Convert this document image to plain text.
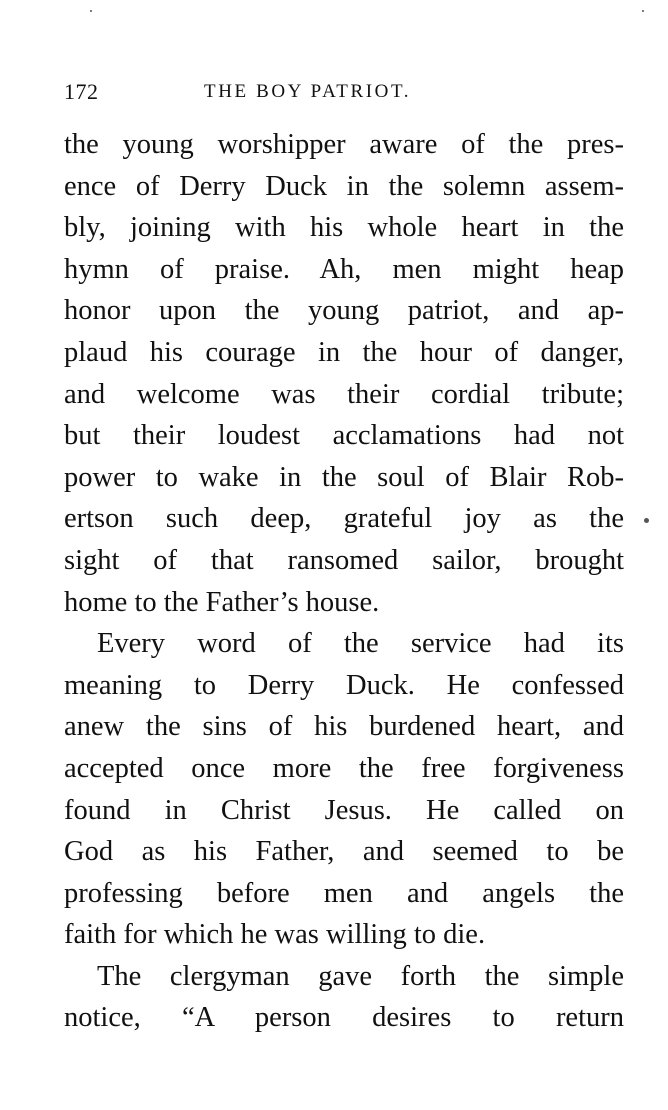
172	THE BOY PATRIOT.
the young worshipper aware of the pres-
ence of Derry Duck in the solemn assem-
bly, joining with his whole heart in the
hymn of praise. Ah, men might heap
honor upon the young patriot, and ap-
plaud his courage in the hour of danger,
and welcome was their cordial tribute;
but their loudest acclamations had not
power to wake in the soul of Blair Rob-
ertson such deep, grateful joy as the
sight of that ransomed sailor, brought
home to the Father’s house.
Every word of the service had its
meaning to Derry Duck. He confessed
anew the sins of his burdened heart, and
accepted once more the free forgiveness
found in Christ Jesus. He called on
God as his Father, and seemed to be
professing before men and angels the
faith for which he was willing to die.
The clergyman gave forth the simple
notice, “A person desires to return
